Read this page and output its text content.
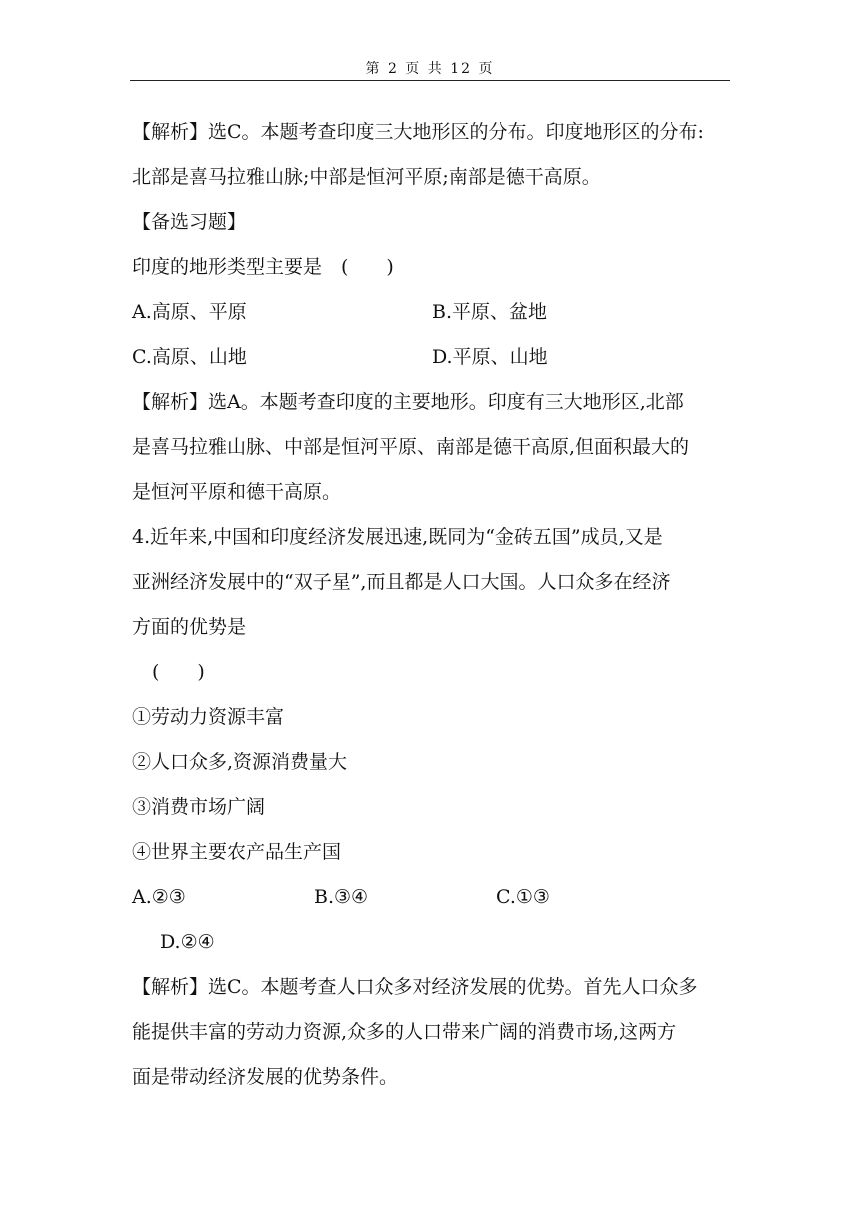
第 2 页 共 12 页
【解析】选C。本题考查印度三大地形区的分布。印度地形区的分布:
北部是喜马拉雅山脉;中部是恒河平原;南部是德干高原。
【备选习题】
印度的地形类型主要是　(　　)
A.高原、平原	B.平原、盆地
C.高原、山地	D.平原、山地
【解析】选A。本题考查印度的主要地形。印度有三大地形区,北部
是喜马拉雅山脉、中部是恒河平原、南部是德干高原,但面积最大的
是恒河平原和德干高原。
4.近年来,中国和印度经济发展迅速,既同为“金砖五国”成员,又是
亚洲经济发展中的“双子星”,而且都是人口大国。人口众多在经济
方面的优势是
(　　)
①劳动力资源丰富
②人口众多,资源消费量大
③消费市场广阔
④世界主要农产品生产国
A.②③	B.③④	C.①③
D.②④
【解析】选C。本题考查人口众多对经济发展的优势。首先人口众多
能提供丰富的劳动力资源,众多的人口带来广阔的消费市场,这两方
面是带动经济发展的优势条件。
